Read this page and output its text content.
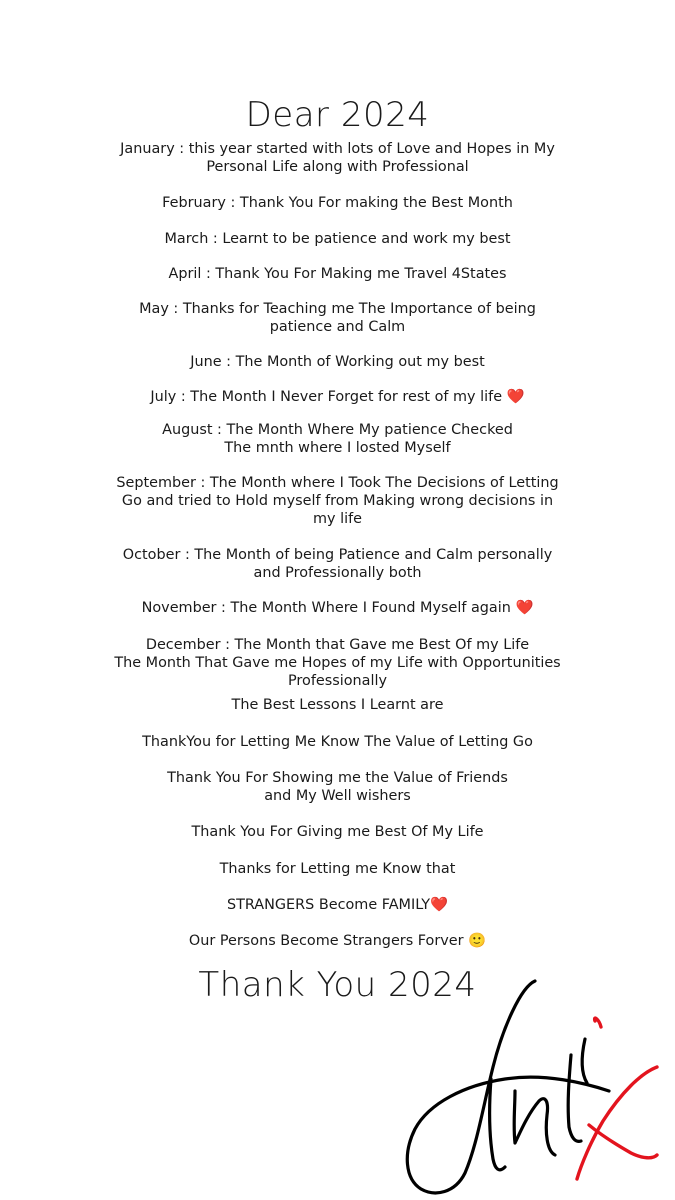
Dear 2024
January : this year started with lots of Love and Hopes in My
Personal Life along with Professional
February : Thank You For making the Best Month
March : Learnt to be patience and work my best
April : Thank You For Making me Travel 4States
May : Thanks for Teaching me The Importance of being
patience and Calm
June : The Month of Working out my best
July : The Month I Never Forget for rest of my life ❤️
August : The Month Where My patience Checked
The mnth where I losted Myself
September : The Month where I Took The Decisions of Letting
Go and tried to Hold myself from Making wrong decisions in
my life
October : The Month of being Patience and Calm personally
and Professionally both
November : The Month Where I Found Myself again ❤️
December : The Month that Gave me Best Of my Life
The Month That Gave me Hopes of my Life with Opportunities
Professionally
The Best Lessons I Learnt are
ThankYou for Letting Me Know The Value of Letting Go
Thank You For Showing me the Value of Friends
and My Well wishers
Thank You For Giving me Best Of My Life
Thanks for Letting me Know that
STRANGERS Become FAMILY❤️
Our Persons Become Strangers Forver 🙂
Thank You 2024
